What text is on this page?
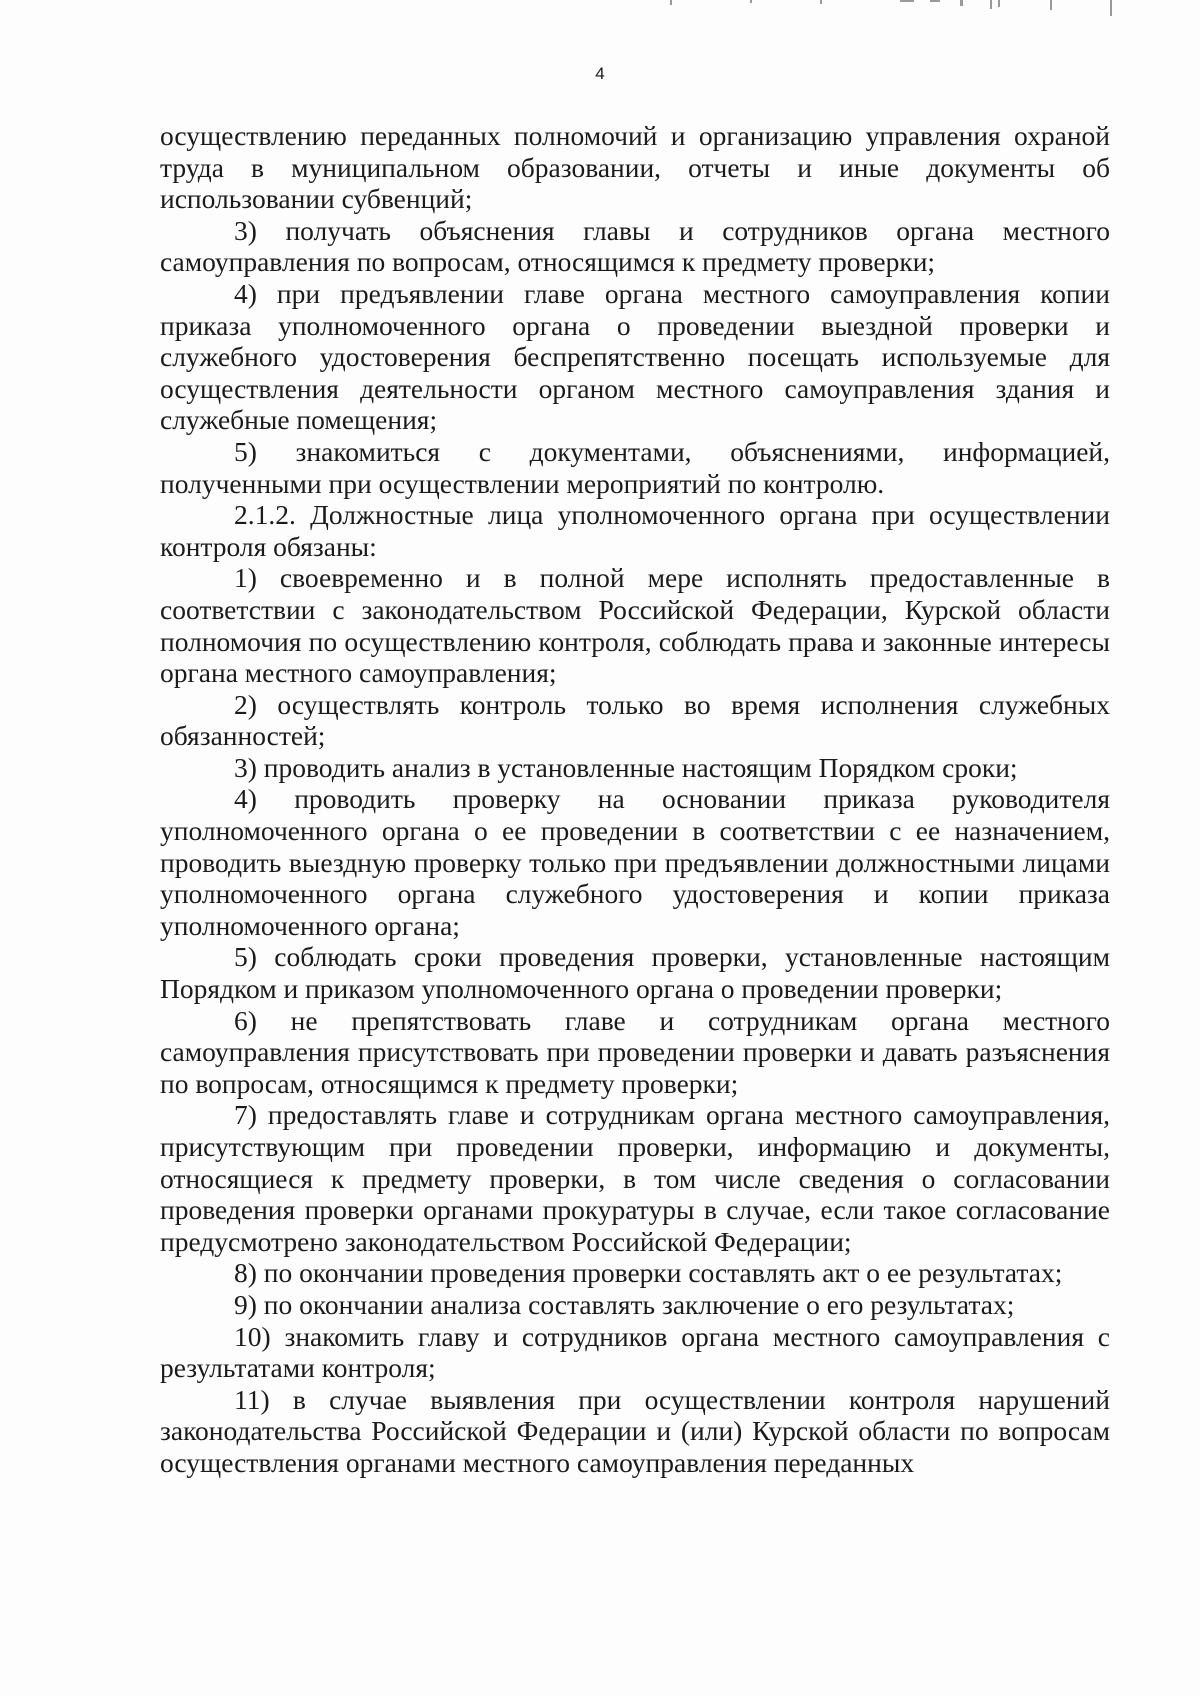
4

осуществлению переданных полномочий и организацию управления охраной труда в муниципальном образовании, отчеты и иные документы об использовании субвенций;

3) получать объяснения главы и сотрудников органа местного самоуправления по вопросам, относящимся к предмету проверки;

4) при предъявлении главе органа местного самоуправления копии приказа уполномоченного органа о проведении выездной проверки и служебного удостоверения беспрепятственно посещать используемые для осуществления деятельности органом местного самоуправления здания и служебные помещения;

5) знакомиться с документами, объяснениями, информацией, полученными при осуществлении мероприятий по контролю.

2.1.2. Должностные лица уполномоченного органа при осуществлении контроля обязаны:

1) своевременно и в полной мере исполнять предоставленные в соответствии с законодательством Российской Федерации, Курской области полномочия по осуществлению контроля, соблюдать права и законные интересы органа местного самоуправления;

2) осуществлять контроль только во время исполнения служебных обязанностей;

3) проводить анализ в установленные настоящим Порядком сроки;

4) проводить проверку на основании приказа руководителя уполномоченного органа о ее проведении в соответствии с ее назначением, проводить выездную проверку только при предъявлении должностными лицами уполномоченного органа служебного удостоверения и копии приказа уполномоченного органа;

5) соблюдать сроки проведения проверки, установленные настоящим Порядком и приказом уполномоченного органа о проведении проверки;

6) не препятствовать главе и сотрудникам органа местного самоуправления присутствовать при проведении проверки и давать разъяснения по вопросам, относящимся к предмету проверки;

7) предоставлять главе и сотрудникам органа местного самоуправления, присутствующим при проведении проверки, информацию и документы, относящиеся к предмету проверки, в том числе сведения о согласовании проведения проверки органами прокуратуры в случае, если такое согласование предусмотрено законодательством Российской Федерации;

8) по окончании проведения проверки составлять акт о ее результатах;

9) по окончании анализа составлять заключение о его результатах;

10) знакомить главу и сотрудников органа местного самоуправления с результатами контроля;

11) в случае выявления при осуществлении контроля нарушений законодательства Российской Федерации и (или) Курской области по вопросам осуществления органами местного самоуправления переданных
